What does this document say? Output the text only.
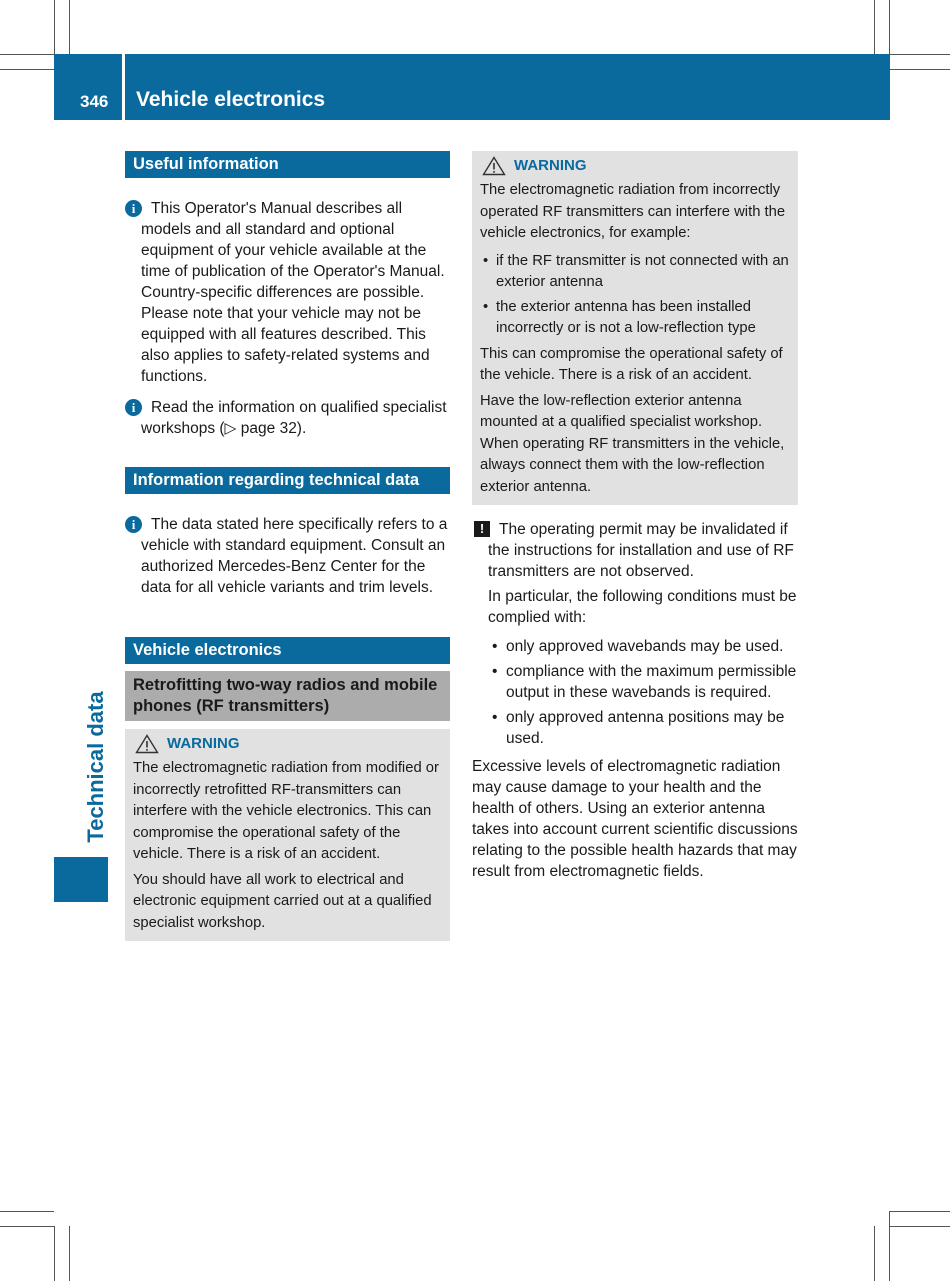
346 Vehicle electronics
Technical data
Useful information
i	This Operator's Manual describes all models and all standard and optional equipment of your vehicle available at the time of publication of the Operator's Manual. Country-specific differences are possible. Please note that your vehicle may not be equipped with all features described. This also applies to safety-related systems and functions.
i	Read the information on qualified specialist workshops (▷ page 32).
Information regarding technical data
i	The data stated here specifically refers to a vehicle with standard equipment. Consult an authorized Mercedes-Benz Center for the data for all vehicle variants and trim levels.
Vehicle electronics
Retrofitting two-way radios and mobile phones (RF transmitters)
WARNING

The electromagnetic radiation from modified or incorrectly retrofitted RF-transmitters can interfere with the vehicle electronics. This can compromise the operational safety of the vehicle. There is a risk of an accident.

You should have all work to electrical and electronic equipment carried out at a qualified specialist workshop.

WARNING

The electromagnetic radiation from incorrectly operated RF transmitters can interfere with the vehicle electronics, for example:

• if the RF transmitter is not connected with an exterior antenna
• the exterior antenna has been installed incorrectly or is not a low-reflection type

This can compromise the operational safety of the vehicle. There is a risk of an accident.

Have the low-reflection exterior antenna mounted at a qualified specialist workshop. When operating RF transmitters in the vehicle, always connect them with the low-reflection exterior antenna.

! The operating permit may be invalidated if the instructions for installation and use of RF transmitters are not observed.

In particular, the following conditions must be complied with:

• only approved wavebands may be used.
• compliance with the maximum permissible output in these wavebands is required.
• only approved antenna positions may be used.

Excessive levels of electromagnetic radiation may cause damage to your health and the health of others. Using an exterior antenna takes into account current scientific discussions relating to the possible health hazards that may result from electromagnetic fields.
